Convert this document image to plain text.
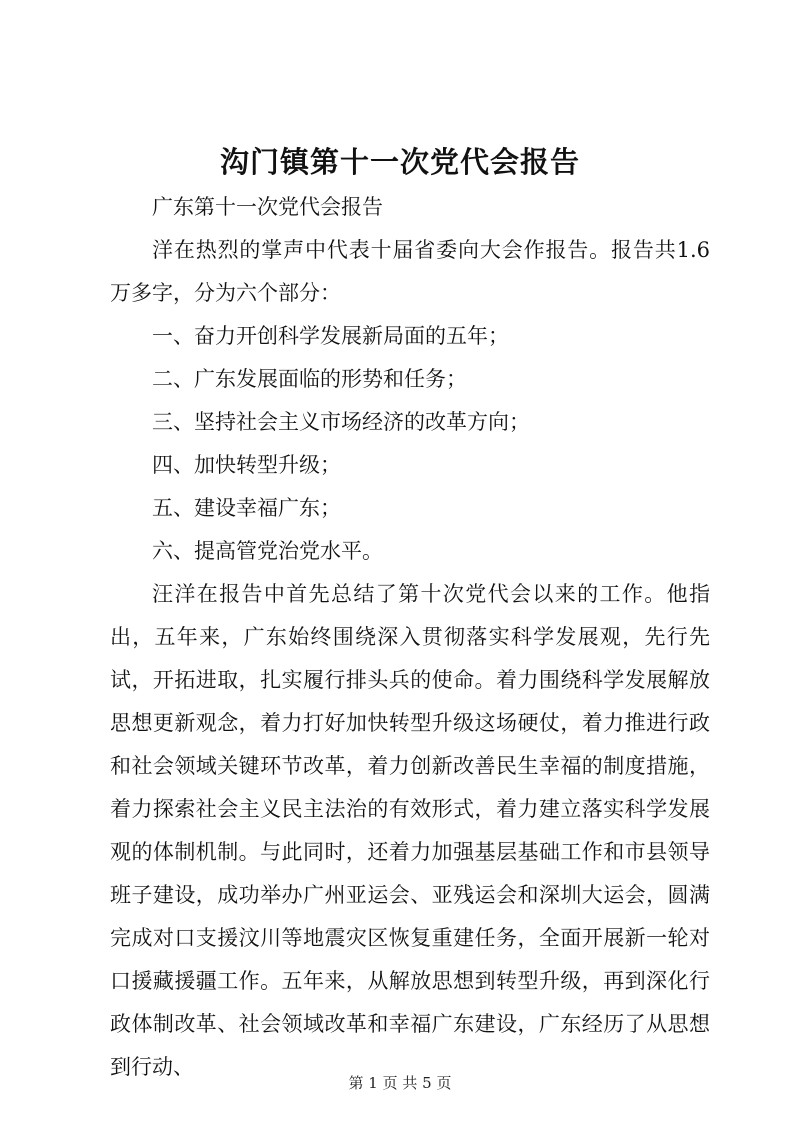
沟门镇第十一次党代会报告

广东第十一次党代会报告

洋在热烈的掌声中代表十届省委向大会作报告。报告共1.6万多字，分为六个部分：

一、奋力开创科学发展新局面的五年；

二、广东发展面临的形势和任务；

三、坚持社会主义市场经济的改革方向；

四、加快转型升级；

五、建设幸福广东；

六、提高管党治党水平。

汪洋在报告中首先总结了第十次党代会以来的工作。他指出，五年来，广东始终围绕深入贯彻落实科学发展观，先行先试，开拓进取，扎实履行排头兵的使命。着力围绕科学发展解放思想更新观念，着力打好加快转型升级这场硬仗，着力推进行政和社会领域关键环节改革，着力创新改善民生幸福的制度措施，着力探索社会主义民主法治的有效形式，着力建立落实科学发展观的体制机制。与此同时，还着力加强基层基础工作和市县领导班子建设，成功举办广州亚运会、亚残运会和深圳大运会，圆满完成对口支援汶川等地震灾区恢复重建任务，全面开展新一轮对口援藏援疆工作。五年来，从解放思想到转型升级，再到深化行政体制改革、社会领域改革和幸福广东建设，广东经历了从思想到行动、

第 1 页 共 5 页
